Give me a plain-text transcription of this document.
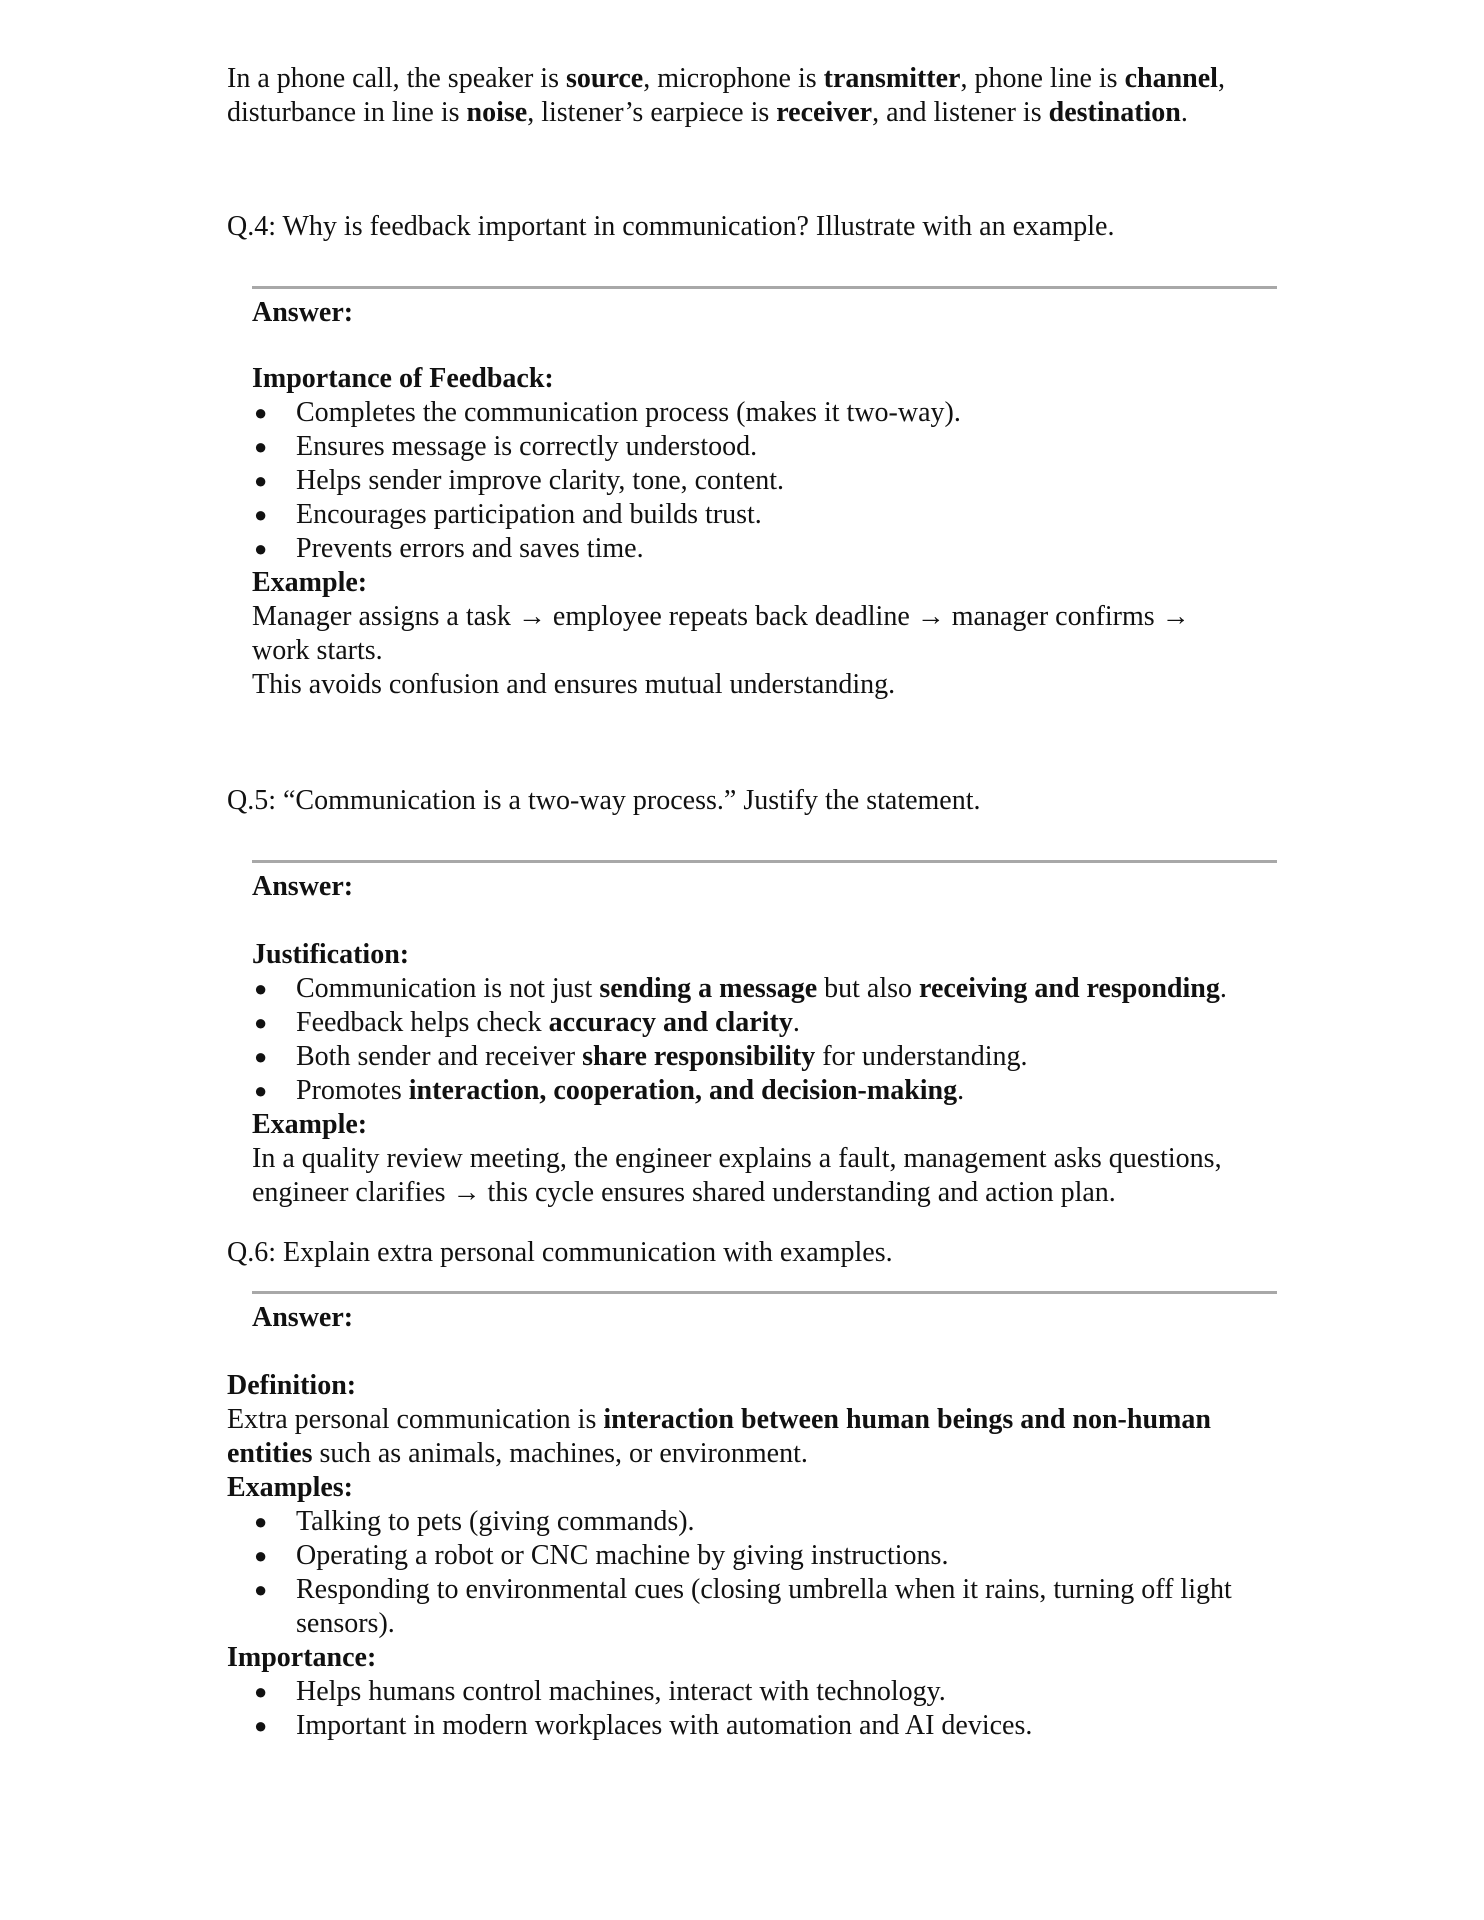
In a phone call, the speaker is source, microphone is transmitter, phone line is channel,

disturbance in line is noise, listener’s earpiece is receiver, and listener is destination.

Q.4: Why is feedback important in communication? Illustrate with an example.

Answer:

Importance of Feedback:

● Completes the communication process (makes it two-way).
● Ensures message is correctly understood.
● Helps sender improve clarity, tone, content.
● Encourages participation and builds trust.
● Prevents errors and saves time.

Example:

Manager assigns a task → employee repeats back deadline → manager confirms →

work starts.

This avoids confusion and ensures mutual understanding.

Q.5: “Communication is a two-way process.” Justify the statement.

Answer:

Justification:

● Communication is not just sending a message but also receiving and responding.
● Feedback helps check accuracy and clarity.
● Both sender and receiver share responsibility for understanding.
● Promotes interaction, cooperation, and decision-making.

Example:

In a quality review meeting, the engineer explains a fault, management asks questions,

engineer clarifies → this cycle ensures shared understanding and action plan.

Q.6: Explain extra personal communication with examples.

Answer:

Definition:

Extra personal communication is interaction between human beings and non-human

entities such as animals, machines, or environment.

Examples:

● Talking to pets (giving commands).
● Operating a robot or CNC machine by giving instructions.
● Responding to environmental cues (closing umbrella when it rains, turning off light
sensors).

Importance:

● Helps humans control machines, interact with technology.
● Important in modern workplaces with automation and AI devices.
